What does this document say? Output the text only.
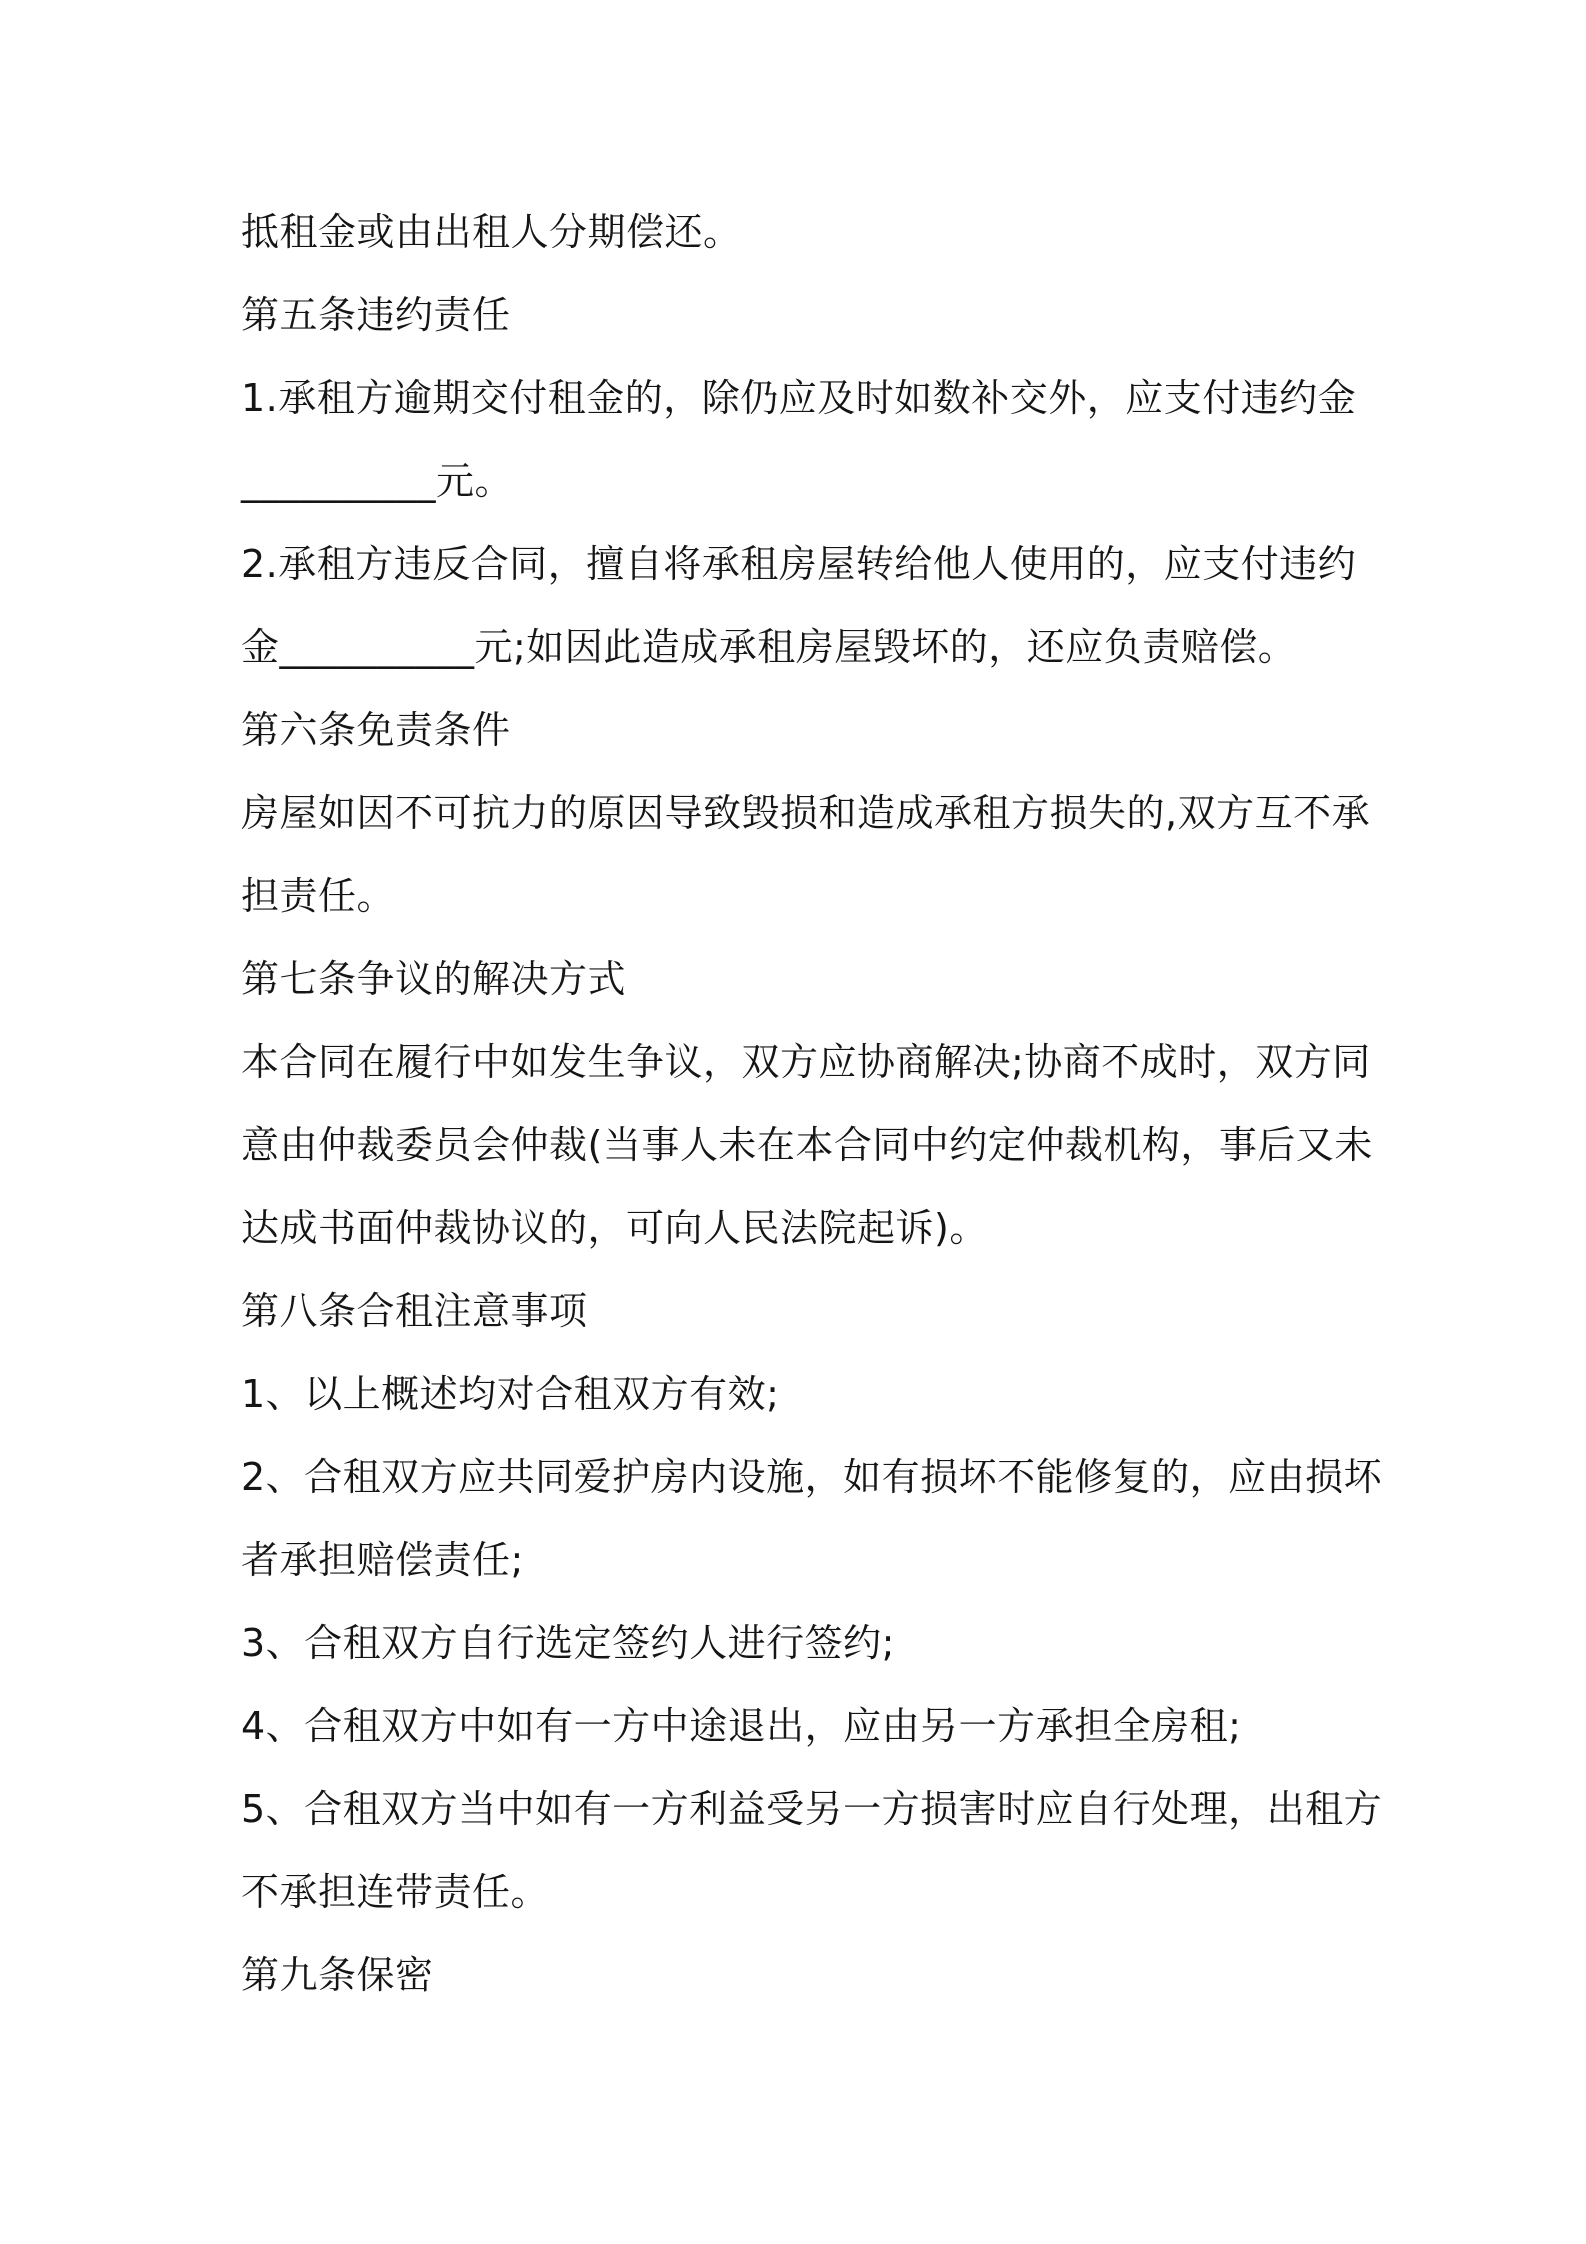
抵租金或由出租人分期偿还。

第五条违约责任

1.承租方逾期交付租金的，除仍应及时如数补交外，应支付违约金

__________元。

2.承租方违反合同，擅自将承租房屋转给他人使用的，应支付违约

金__________元;如因此造成承租房屋毁坏的，还应负责赔偿。

第六条免责条件

房屋如因不可抗力的原因导致毁损和造成承租方损失的,双方互不承

担责任。

第七条争议的解决方式

本合同在履行中如发生争议，双方应协商解决;协商不成时，双方同

意由仲裁委员会仲裁(当事人未在本合同中约定仲裁机构，事后又未

达成书面仲裁协议的，可向人民法院起诉)。

第八条合租注意事项

1、以上概述均对合租双方有效;

2、合租双方应共同爱护房内设施，如有损坏不能修复的，应由损坏

者承担赔偿责任;

3、合租双方自行选定签约人进行签约;

4、合租双方中如有一方中途退出，应由另一方承担全房租;

5、合租双方当中如有一方利益受另一方损害时应自行处理，出租方

不承担连带责任。

第九条保密
